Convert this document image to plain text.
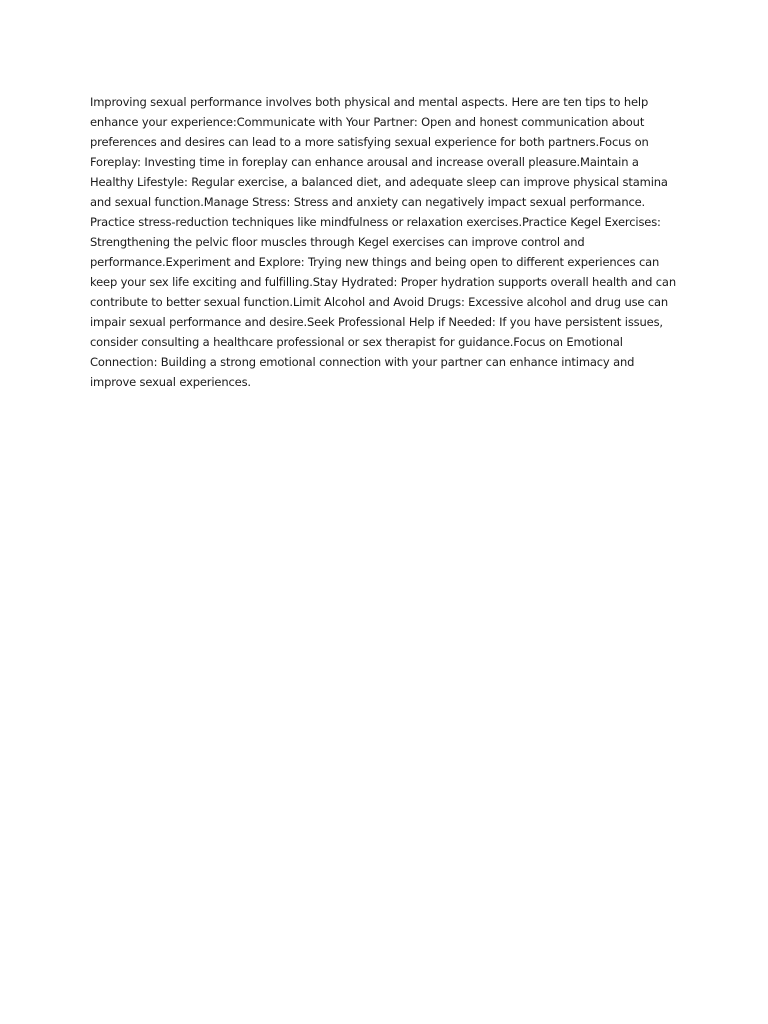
Improving sexual performance involves both physical and mental aspects. Here are ten tips to help
enhance your experience:Communicate with Your Partner: Open and honest communication about
preferences and desires can lead to a more satisfying sexual experience for both partners.Focus on
Foreplay: Investing time in foreplay can enhance arousal and increase overall pleasure.Maintain a
Healthy Lifestyle: Regular exercise, a balanced diet, and adequate sleep can improve physical stamina
and sexual function.Manage Stress: Stress and anxiety can negatively impact sexual performance.
Practice stress-reduction techniques like mindfulness or relaxation exercises.Practice Kegel Exercises:
Strengthening the pelvic floor muscles through Kegel exercises can improve control and
performance.Experiment and Explore: Trying new things and being open to different experiences can
keep your sex life exciting and fulfilling.Stay Hydrated: Proper hydration supports overall health and can
contribute to better sexual function.Limit Alcohol and Avoid Drugs: Excessive alcohol and drug use can
impair sexual performance and desire.Seek Professional Help if Needed: If you have persistent issues,
consider consulting a healthcare professional or sex therapist for guidance.Focus on Emotional
Connection: Building a strong emotional connection with your partner can enhance intimacy and
improve sexual experiences.
